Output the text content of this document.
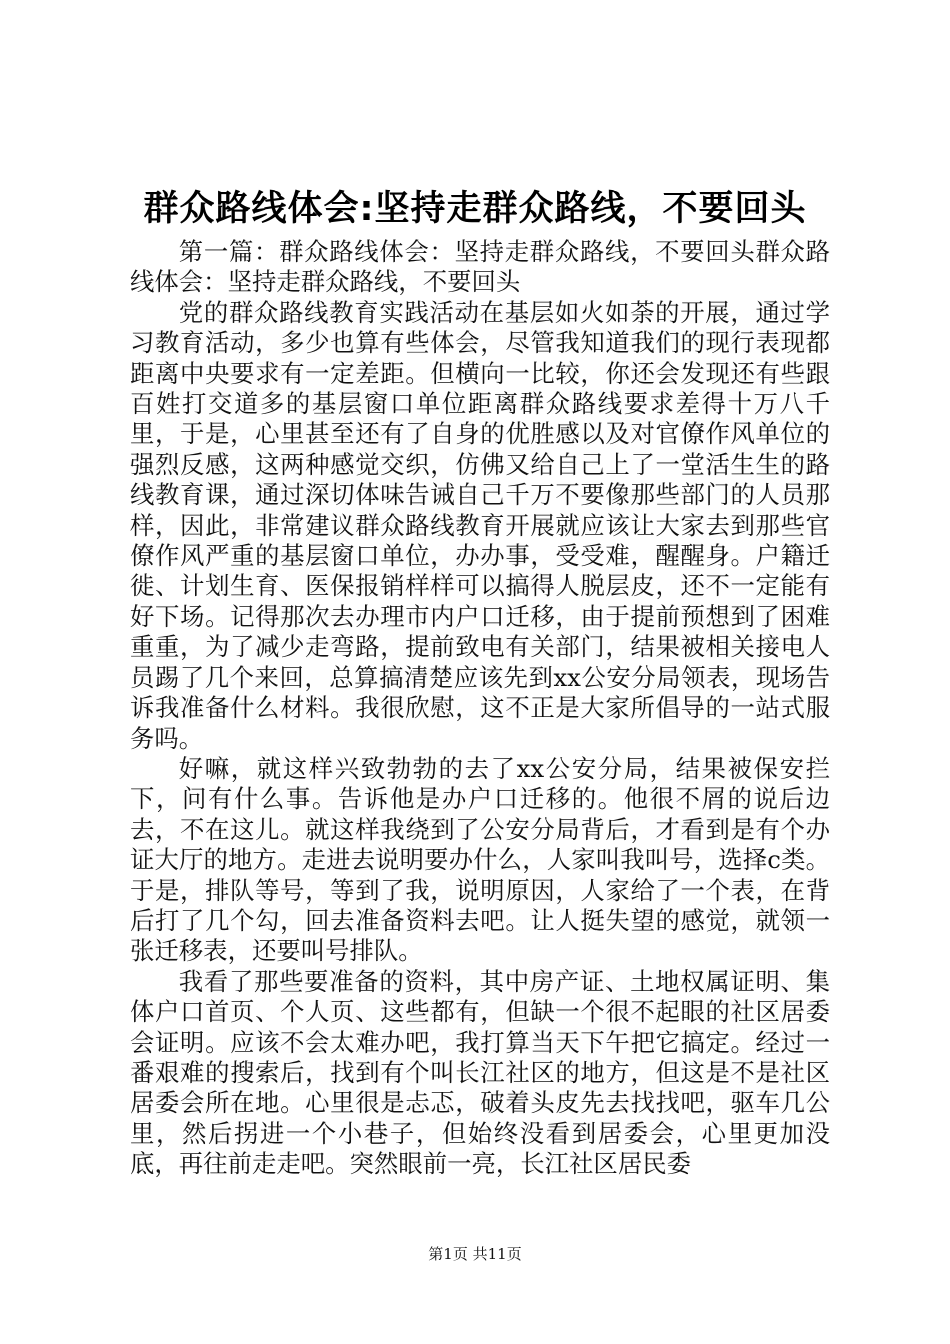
群众路线体会:坚持走群众路线，不要回头

第一篇：群众路线体会：坚持走群众路线，不要回头群众路线体会：坚持走群众路线，不要回头

党的群众路线教育实践活动在基层如火如荼的开展，通过学习教育活动，多少也算有些体会，尽管我知道我们的现行表现都距离中央要求有一定差距。但横向一比较，你还会发现还有些跟百姓打交道多的基层窗口单位距离群众路线要求差得十万八千里，于是，心里甚至还有了自身的优胜感以及对官僚作风单位的强烈反感，这两种感觉交织，仿佛又给自己上了一堂活生生的路线教育课，通过深切体味告诫自己千万不要像那些部门的人员那样，因此，非常建议群众路线教育开展就应该让大家去到那些官僚作风严重的基层窗口单位，办办事，受受难，醒醒身。户籍迁徙、计划生育、医保报销样样可以搞得人脱层皮，还不一定能有好下场。记得那次去办理市内户口迁移，由于提前预想到了困难重重，为了减少走弯路，提前致电有关部门，结果被相关接电人员踢了几个来回，总算搞清楚应该先到xx公安分局领表，现场告诉我准备什么材料。我很欣慰，这不正是大家所倡导的一站式服务吗。

好嘛，就这样兴致勃勃的去了xx公安分局，结果被保安拦下，问有什么事。告诉他是办户口迁移的。他很不屑的说后边去，不在这儿。就这样我绕到了公安分局背后，才看到是有个办证大厅的地方。走进去说明要办什么，人家叫我叫号，选择c类。于是，排队等号，等到了我，说明原因，人家给了一个表，在背后打了几个勾，回去准备资料去吧。让人挺失望的感觉，就领一张迁移表，还要叫号排队。

我看了那些要准备的资料，其中房产证、土地权属证明、集体户口首页、个人页、这些都有，但缺一个很不起眼的社区居委会证明。应该不会太难办吧，我打算当天下午把它搞定。经过一番艰难的搜索后，找到有个叫长江社区的地方，但这是不是社区居委会所在地。心里很是忐忑，破着头皮先去找找吧，驱车几公里，然后拐进一个小巷子，但始终没看到居委会，心里更加没底，再往前走走吧。突然眼前一亮，长江社区居民委

第1页 共11页
